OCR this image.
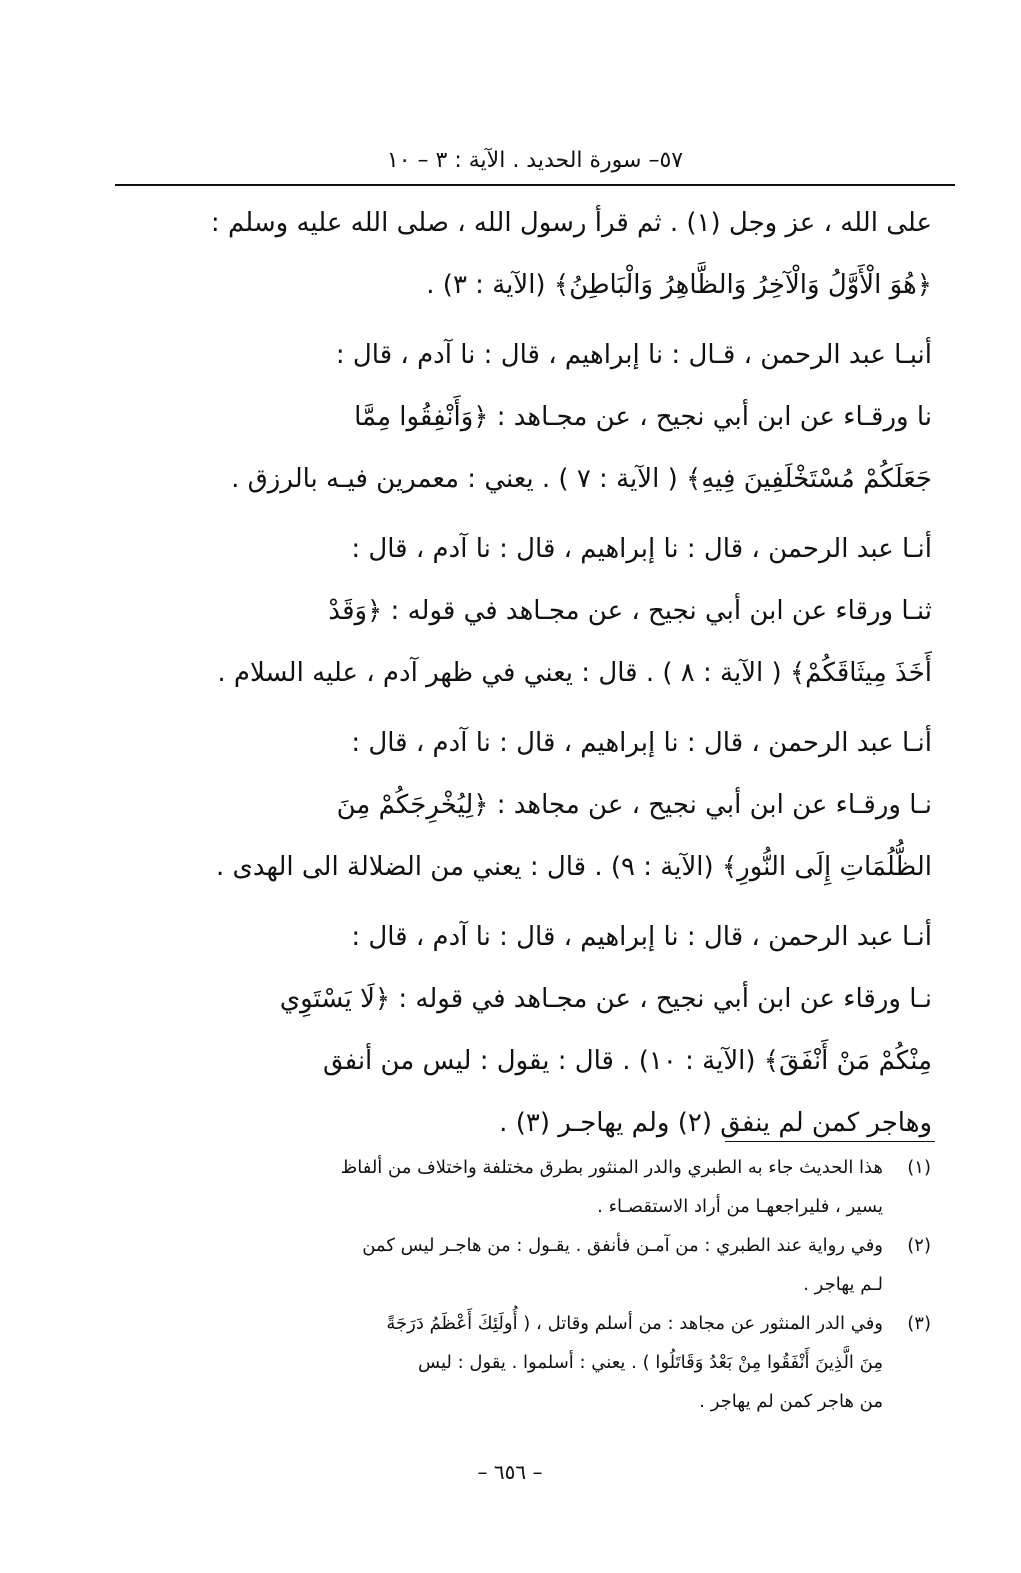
٥٧– سورة الحديد . الآية : ٣ – ١٠

على الله ، عز وجل (١) . ثم قرأ رسول الله ، صلى الله عليه وسلم :
﴿هُوَ الْأَوَّلُ وَالْآخِرُ وَالظَّاهِرُ وَالْبَاطِنُ﴾ (الآية : ٣) .

أنبـا عبد الرحمن ، قـال : نا إبراهيم ، قال : نا آدم ، قال :
نا ورقـاء عن ابن أبي نجيح ، عن مجـاهد : ﴿وَأَنْفِقُوا مِمَّا
جَعَلَكُمْ مُسْتَخْلَفِينَ فِيهِ﴾ ( الآية : ٧ ) . يعني : معمرين فيـه بالرزق .

أنـا عبد الرحمن ، قال : نا إبراهيم ، قال : نا آدم ، قال :
ثنـا ورقاء عن ابن أبي نجيح ، عن مجـاهد في قوله : ﴿وَقَدْ
أَخَذَ مِيثَاقَكُمْ﴾ ( الآية : ٨ ) . قال : يعني في ظهر آدم ، عليه السلام .

أنـا عبد الرحمن ، قال : نا إبراهيم ، قال : نا آدم ، قال :
نـا ورقـاء عن ابن أبي نجيح ، عن مجاهد : ﴿لِيُخْرِجَكُمْ مِنَ
الظُّلُمَاتِ إِلَى النُّورِ﴾ (الآية : ٩) . قال : يعني من الضلالة الى الهدى .

أنـا عبد الرحمن ، قال : نا إبراهيم ، قال : نا آدم ، قال :
نـا ورقاء عن ابن أبي نجيح ، عن مجـاهد في قوله : ﴿لَا يَسْتَوِي
مِنْكُمْ مَنْ أَنْفَقَ﴾ (الآية : ١٠) . قال : يقول : ليس من أنفق
وهاجر كمن لم ينفق (٢) ولم يهاجـر (٣) .

(١)
هذا الحديث جاء به الطبري والدر المنثور بطرق مختلفة واختلاف من ألفاظ
يسير ، فليراجعهـا من أراد الاستقصـاء .
(٢)
وفي رواية عند الطبري : من آمـن فأنفق . يقـول : من هاجـر ليس كمن
لـم يهاجر .
(٣)
وفي الدر المنثور عن مجاهد : من أسلم وقاتل ، ( أُولَئِكَ أَعْظَمُ دَرَجَةً
مِنَ الَّذِينَ أَنْفَقُوا مِنْ بَعْدُ وَقَاتَلُوا ) . يعني : أسلموا . يقول : ليس
من هاجر كمن لم يهاجر .
– ٦٥٦ –
